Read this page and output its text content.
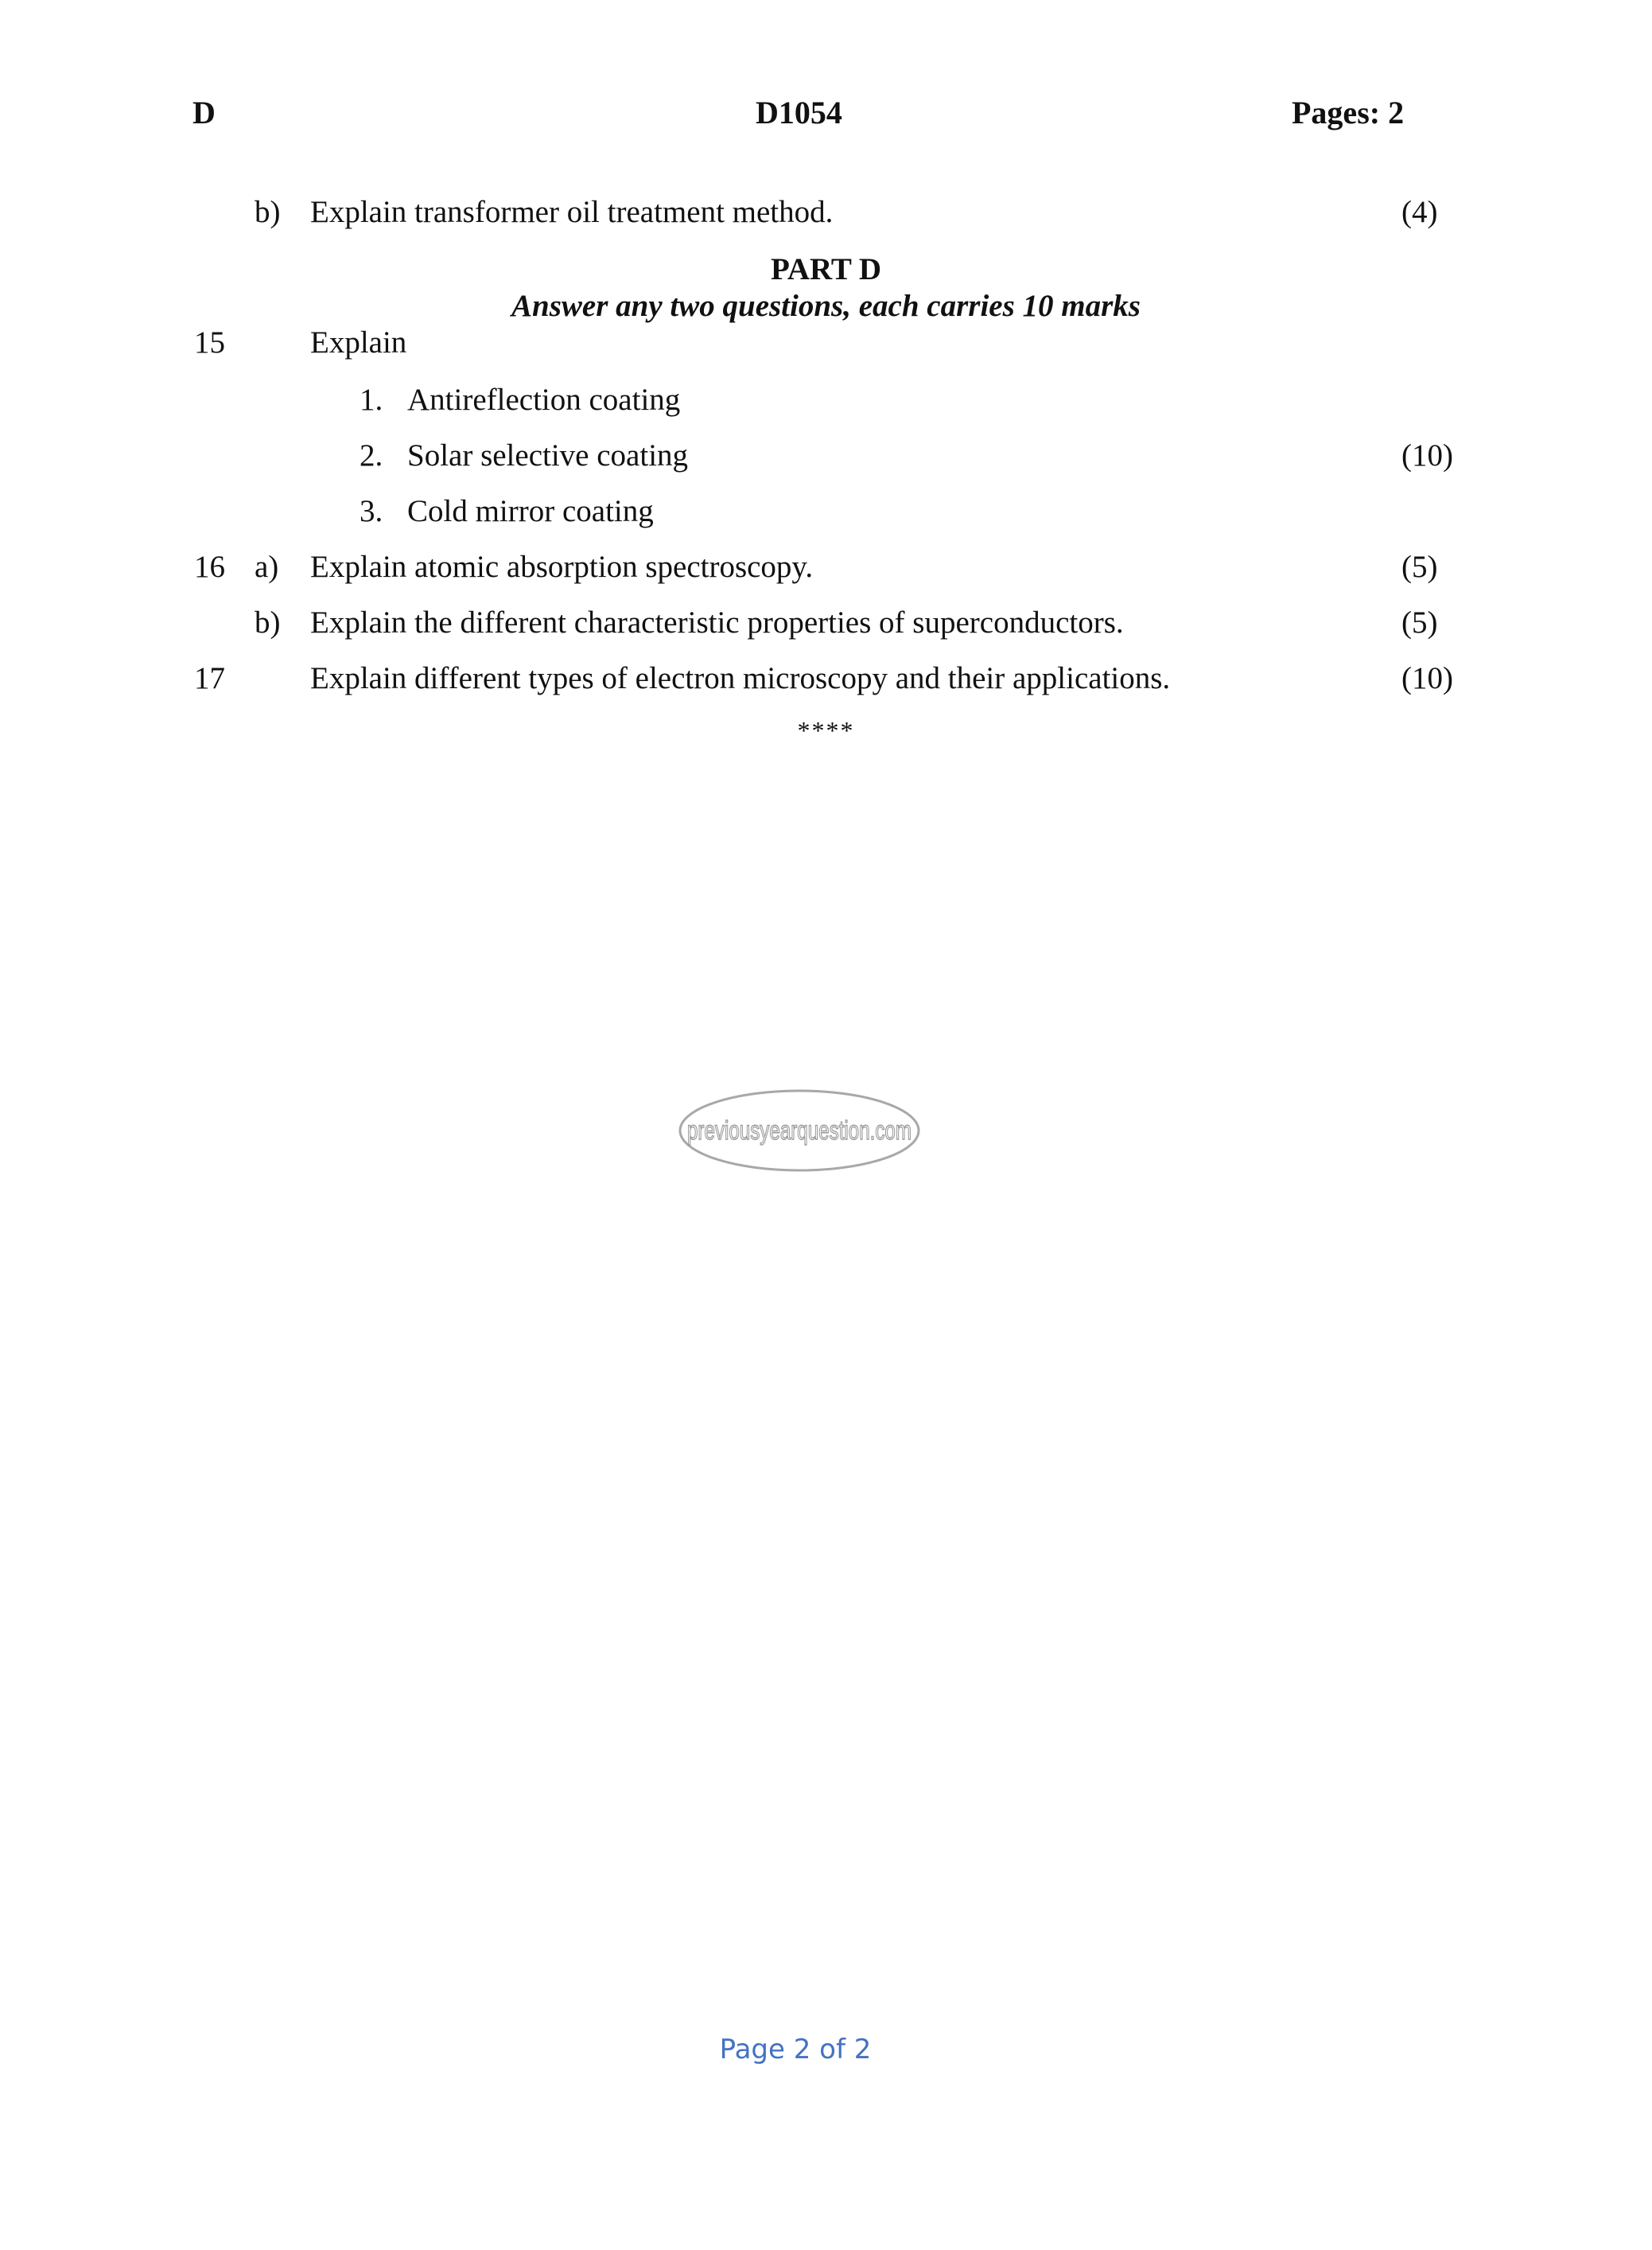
D	D1054	Pages: 2
b) Explain transformer oil treatment method.	(4)
PART D
Answer any two questions, each carries 10 marks
15	Explain
1. Antireflection coating
2. Solar selective coating	(10)
3. Cold mirror coating
16 a) Explain atomic absorption spectroscopy.	(5)
b) Explain the different characteristic properties of superconductors.	(5)
17	Explain different types of electron microscopy and their applications.	(10)
****
previousyearquestion.com
Page 2 of 2
